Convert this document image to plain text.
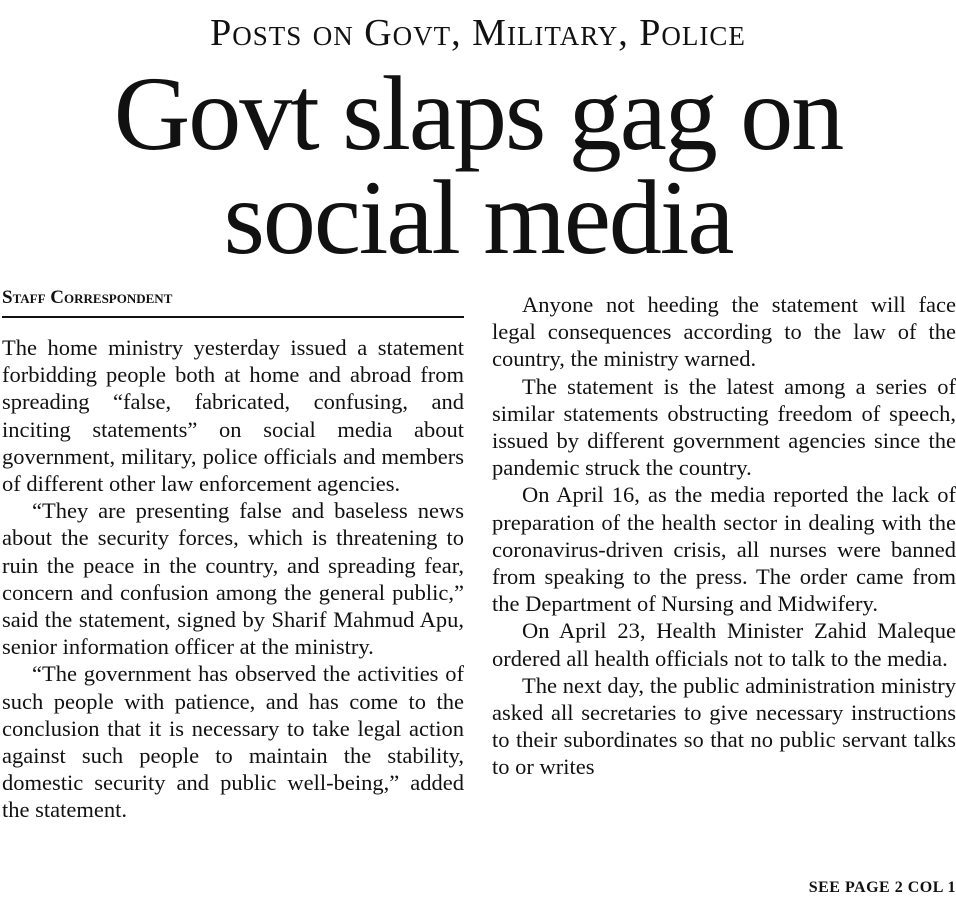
Posts on Govt, Military, Police
Govt slaps gag on
social media
Staff Correspondent

The home ministry yesterday issued a statement forbidding people both at home and abroad from spreading “false, fabricated, confusing, and inciting statements” on social media about government, military, police officials and members of different other law enforcement agencies.

“They are presenting false and baseless news about the security forces, which is threatening to ruin the peace in the country, and spreading fear, concern and confusion among the general public,” said the statement, signed by Sharif Mahmud Apu, senior information officer at the ministry.

“The government has observed the activities of such people with patience, and has come to the conclusion that it is necessary to take legal action against such people to maintain the stability, domestic security and public well-being,” added the statement.

Anyone not heeding the statement will face legal consequences according to the law of the country, the ministry warned.

The statement is the latest among a series of similar statements obstructing freedom of speech, issued by different government agencies since the pandemic struck the country.

On April 16, as the media reported the lack of preparation of the health sector in dealing with the coronavirus-driven crisis, all nurses were banned from speaking to the press. The order came from the Department of Nursing and Midwifery.

On April 23, Health Minister Zahid Maleque ordered all health officials not to talk to the media.

The next day, the public administration ministry asked all secretaries to give necessary instructions to their subordinates so that no public servant talks to or writes

SEE PAGE 2 COL 1
